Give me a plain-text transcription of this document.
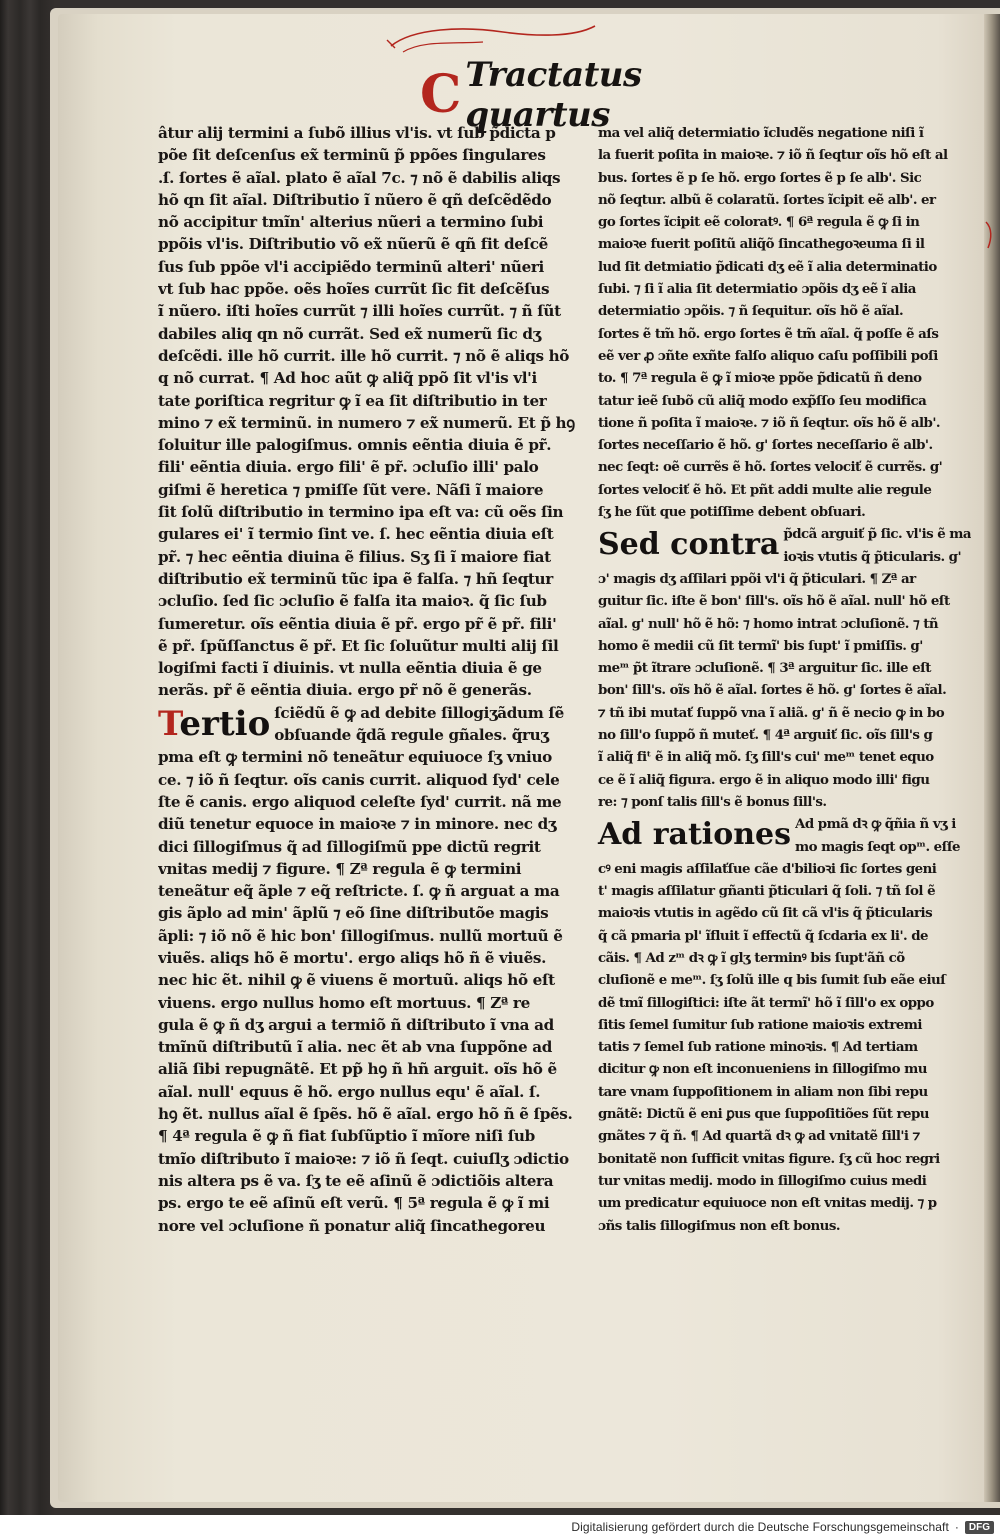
C Tractatus quartus
âtur alij termini a ſubõ illius vl'is. vt ſub p̃dicta p
põe ſit deſcenſus ex̃ terminũ p̃ ppões ſingulares
.ſ. ſortes ẽ aĩal. plato ẽ aĩal 7c. ⁊ nõ ẽ dabilis aliqs
hõ qn ſit aĩal. Diſtributio ĩ nũero ẽ qñ deſcẽdẽdo
nõ accipitur tmĩn' alterius nũeri a termino ſubi
ppõis vl'is. Diſtributio võ ex̃ nũerũ ẽ qñ fit deſcẽ
ſus ſub ppõe vl'i accipiẽdo terminũ alteri' nũeri
vt ſub hac ppõe. oẽs hoĩes currũt ſic fit deſcẽſus
ĩ nũero. iſti hoĩes currũt ⁊ illi hoĩes currũt. ⁊ ñ ſũt
dabiles aliq qn nõ currãt. Sed ex̃ numerũ ſic dʒ
deſcẽdi. ille hõ currit. ille hõ currit. ⁊ nõ ẽ aliqs hõ
q nõ currat. ¶ Ad hoc aũt ꝙ aliq̃ ppõ ſit vl'is vl'i
tate ꝑoriſtica regritur ꝙ ĩ ea ſit diſtributio in ter
mino ⁊ ex̃ terminũ. in numero ⁊ ex̃ numerũ. Et p̃ hꝯ
ſoluitur ille palogiſmus. omnis eẽntia diuia ẽ pr̃.
fili' eẽntia diuia. ergo fili' ẽ pr̃. ɔcluſio illi' palo
giſmi ẽ heretica ⁊ pmiſſe ſũt vere. Nãſi ĩ maiore
ſit ſolũ diſtributio in termino ipa eſt va: cũ oẽs ſin
gulares ei' ĩ termio ſint ve. ſ. hec eẽntia diuia eſt
pr̃. ⁊ hec eẽntia diuina ẽ filius. Sʒ ſi ĩ maiore fiat
diſtributio ex̃ terminũ tũc ipa ẽ falſa. ⁊ hñ ſeqtur
ɔcluſio. ſed ſic ɔcluſio ẽ falſa ita maioꝛ. q̃ ſic ſub
ſumeretur. oĩs eẽntia diuia ẽ pr̃. ergo pr̃ ẽ pr̃. fili'
ẽ pr̃. ſpũſſanctus ẽ pr̃. Et ſic ſoluũtur multi alij ſil
logiſmi facti ĩ diuinis. vt nulla eẽntia diuia ẽ ge
nerãs. pr̃ ẽ eẽntia diuia. ergo pr̃ nõ ẽ generãs.
Tertio ſciẽdũ ẽ ꝙ ad debite ſillogiʒãdum ſẽ
obſuande q̃dã regule gñales. q̃ruʒ
pma eſt ꝙ termini nõ teneãtur equiuoce ſʒ vniuo
ce. ⁊ iõ ñ ſeqtur. oĩs canis currit. aliquod ſyd' cele
ſte ẽ canis. ergo aliquod celeſte ſyd' currit. nã me
diũ tenetur equoce in maioꝛe ⁊ in minore. nec dʒ
dici ſillogiſmus q̃ ad ſillogiſmũ ppe dictũ regrit
vnitas medij ⁊ figure. ¶ Zª regula ẽ ꝙ termini
teneãtur eq̃ ãple ⁊ eq̃ reſtricte. ſ. ꝙ ñ arguat a ma
gis ãplo ad min' ãplũ ⁊ eõ ſine diſtributõe magis
ãpli: ⁊ iõ nõ ẽ hic bon' ſillogiſmus. nullũ mortuũ ẽ
viuẽs. aliqs hõ ẽ mortu'. ergo aliqs hõ ñ ẽ viuẽs.
nec hic ẽt. nihil ꝙ ẽ viuens ẽ mortuũ. aliqs hõ eſt
viuens. ergo nullus homo eſt mortuus. ¶ Zª re
gula ẽ ꝙ ñ dʒ argui a termiõ ñ diſtributo ĩ vna ad
tmĩnũ diſtributũ ĩ alia. nec ẽt ab vna ſuppõne ad
aliã ſibi repugnãtẽ. Et pp̃ hꝯ ñ hñ arguit. oĩs hõ ẽ
aĩal. null' equus ẽ hõ. ergo nullus equ' ẽ aĩal. ſ.
hꝯ ẽt. nullus aĩal ẽ ſpẽs. hõ ẽ aĩal. ergo hõ ñ ẽ ſpẽs.
¶ 4ª regula ẽ ꝙ ñ fiat ſubſũptio ĩ mĩore niſi ſub
tmĩo diſtributo ĩ maioꝛe: ⁊ iõ ñ ſeqt. cuiuſlʒ ɔdictio
nis altera ps ẽ va. ſʒ te eẽ aſinũ ẽ ɔdictiõis altera
ps. ergo te eẽ aſinũ eſt verũ. ¶ 5ª regula ẽ ꝙ ĩ mi
nore vel ɔcluſione ñ ponatur aliq̃ ſincathegoreu
ma vel aliq̃ determiatio ĩcludẽs negatione niſi ĩ
la fuerit poſita in maioꝛe. ⁊ iõ ñ ſeqtur oĩs hõ eſt al
bus. ſortes ẽ p ſe hõ. ergo ſortes ẽ p ſe alb'. Sic
nõ ſeqtur. albũ ẽ colaratũ. ſortes ĩcipit eẽ alb'. er
go ſortes ĩcipit eẽ coloratꝰ. ¶ 6ª regula ẽ ꝙ ſi in
maioꝛe fuerit poſitũ aliq̃õ ſincathegoꝛeuma ſi il
lud ſit detmiatio p̃dicati dʒ eẽ ĩ alia determinatio
ſubi. ⁊ ſi ĩ alia ſit determiatio ɔpõis dʒ eẽ ĩ alia
determiatio ɔpõis. ⁊ ñ ſequitur. oĩs hõ ẽ aĩal.
ſortes ẽ tm̃ hõ. ergo ſortes ẽ tm̃ aĩal. q̃ poſſe ẽ aſs
eẽ ver ꝓ ɔñte exñte falſo aliquo caſu poſſibili poſi
to. ¶ 7ª regula ẽ ꝙ ĩ mioꝛe ppõe p̃dicatũ ñ deno
tatur ieẽ ſubõ cũ aliq̃ modo exp̃ſſo ſeu modifica
tione ñ poſita ĩ maioꝛe. ⁊ iõ ñ ſeqtur. oĩs hõ ẽ alb'.
ſortes neceſſario ẽ hõ. g' ſortes neceſſario ẽ alb'.
nec ſeqt: oẽ currẽs ẽ hõ. ſortes velociť ẽ currẽs. g'
ſortes velociť ẽ hõ. Et pñt addi multe alie regule
ſʒ he ſũt que potiſſime debent obſuari.
Sed contra p̃dcã arguiť p̃ ſic. vl'is ẽ ma
ioꝛis vtutis q̃ p̃ticularis. g'
ɔ' magis dʒ aſſilari ppõi vl'i q̃ p̃ticulari. ¶ Zª ar
guitur ſic. iſte ẽ bon' ſill's. oĩs hõ ẽ aĩal. null' hõ eſt
aĩal. g' null' hõ ẽ hõ: ⁊ homo intrat ɔcluſionẽ. ⁊ tñ
homo ẽ medii cũ ſit termĩ' bis ſupt' ĩ pmiſſis. g'
meᵐ p̃t ĩtrare ɔcluſionẽ. ¶ 3ª arguitur ſic. ille eſt
bon' ſill's. oĩs hõ ẽ aĩal. ſortes ẽ hõ. g' ſortes ẽ aĩal.
⁊ tñ ibi mutať ſuppõ vna ĩ aliã. g' ñ ẽ necio ꝙ in bo
no ſill'o ſuppõ ñ muteť. ¶ 4ª arguiť ſic. oĩs ſill's g
ĩ aliq̃ fiᵗ ẽ in aliq̃ mõ. ſʒ ſill's cui' meᵐ tenet equo
ce ẽ ĩ aliq̃ figura. ergo ẽ in aliquo modo illi' figu
re: ⁊ ponſ talis ſill's ẽ bonus ſill's.
Ad rationes Ad pmã dꝛ ꝙ q̃ñia ñ vʒ i
mo magis ſeqt opᵐ. eſſe
cꝰ eni magis aſſilaťſue cãe d'bilioꝛi ſic ſortes geni
t' magis aſſilatur gñanti p̃ticulari q̃ ſoli. ⁊ tñ ſol ẽ
maioꝛis vtutis in agẽdo cũ ſit cã vl'is q̃ p̃ticularis
q̃ cã pmaria pl' ĩfluit ĩ effectũ q̃ ſcdaria ex li'. de
cãis. ¶ Ad zᵐ dꝛ ꝙ ĩ glʒ terminꝰ bis ſupt'ãñ cõ
cluſionẽ e meᵐ. ſʒ ſolũ ille q bis ſumit ſub eãe eiuſ
dẽ tmĩ ſillogiſtici: iſte ãt termĩ' hõ ĩ ſill'o ex oppo
ſitis ſemel ſumitur ſub ratione maioꝛis extremi
tatis ⁊ ſemel ſub ratione minoꝛis. ¶ Ad tertiam
dicitur ꝙ non eſt inconueniens in ſillogiſmo mu
tare vnam ſuppoſitionem in aliam non ſibi repu
gnãtẽ: Dictũ ẽ eni ꝑus que ſuppoſitiões ſũt repu
gnãtes ⁊ q̃ ñ. ¶ Ad quartã dꝛ ꝙ ad vnitatẽ ſill'i ⁊
bonitatẽ non ſufficit vnitas figure. ſʒ cũ hoc regri
tur vnitas medij. modo in ſillogiſmo cuius medi
um predicatur equiuoce non eſt vnitas medij. ⁊ p
ɔñs talis ſillogiſmus non eſt bonus.
Digitalisierung gefördert durch die Deutsche Forschungsgemeinschaft ·	DFG
